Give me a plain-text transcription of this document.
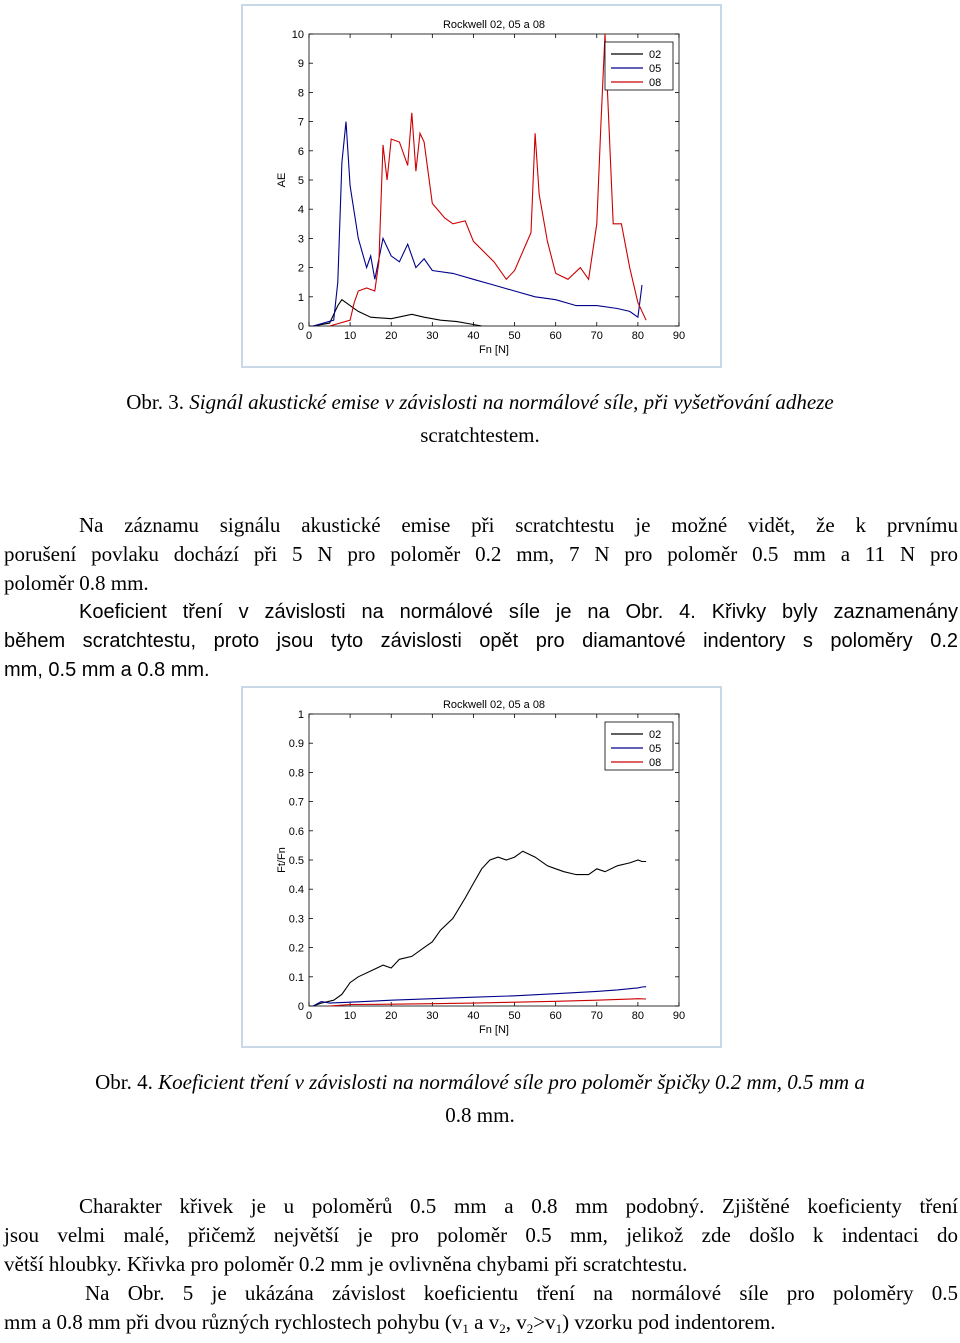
Rockwell 02, 05 a 08
0	10	20	30	40	50	60	70	80	90
0
1
2
3
4
5
6
7
8
9
10
Fn [N]
AE
02
05
08
Obr. 3. Signál akustické emise v závislosti na normálové síle, při vyšetřování adheze
scratchtestem.
Na záznamu signálu akustické emise při scratchtestu je možné vidět, že k prvnímu
porušení povlaku dochází při 5 N pro poloměr 0.2 mm, 7 N pro poloměr 0.5 mm a 11 N pro
poloměr 0.8 mm.
Koeficient tření v závislosti na normálové síle je na Obr. 4. Křivky byly zaznamenány
během scratchtestu, proto jsou tyto závislosti opět pro diamantové indentory s poloměry 0.2
mm, 0.5 mm a 0.8 mm.
Rockwell 02, 05 a 08
0	10	20	30	40	50	60	70	80	90
0
0.1
0.2
0.3
0.4
0.5
0.6
0.7
0.8
0.9
1
Fn [N]
Ft/Fn
02
05
08
Obr. 4. Koeficient tření v závislosti na normálové síle pro poloměr špičky 0.2 mm, 0.5 mm a
0.8 mm.
Charakter křivek je u poloměrů 0.5 mm a 0.8 mm podobný. Zjištěné koeficienty tření
jsou velmi malé, přičemž největší je pro poloměr 0.5 mm, jelikož zde došlo k indentaci do
větší hloubky. Křivka pro poloměr 0.2 mm je ovlivněna chybami při scratchtestu.
Na Obr. 5 je ukázána závislost koeficientu tření na normálové síle pro poloměry 0.5
mm a 0.8 mm při dvou různých rychlostech pohybu ($v_1$ a $v_2$, $v_2>v_1$) vzorku pod indentorem.
